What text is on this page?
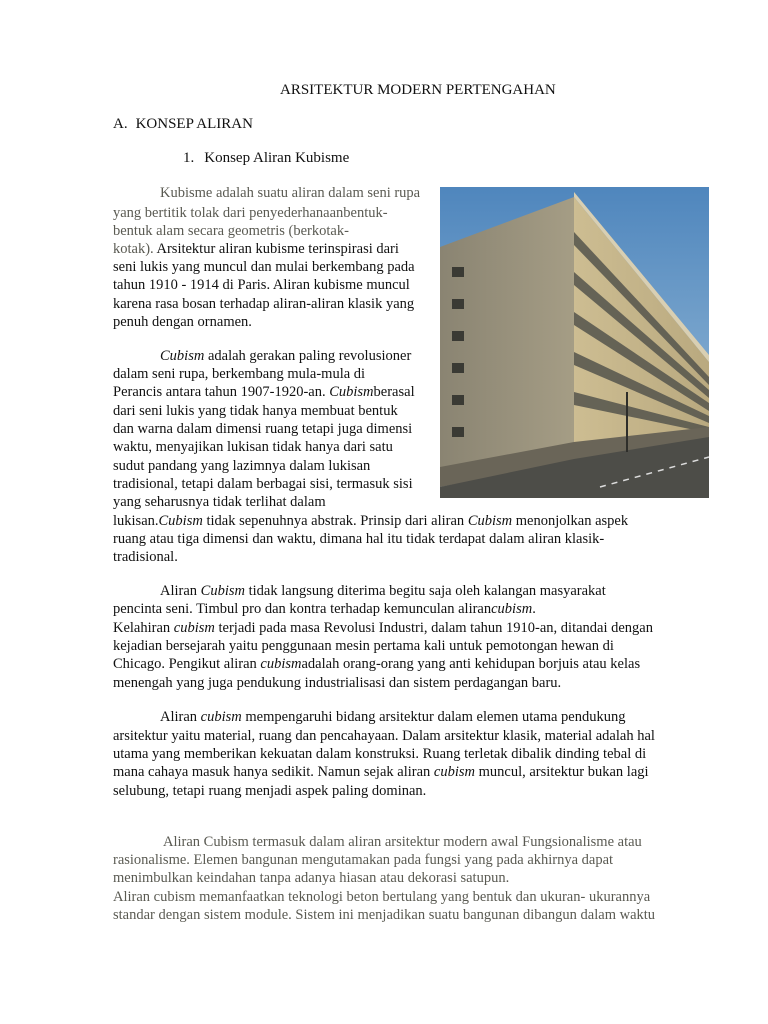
ARSITEKTUR MODERN PERTENGAHAN
A. KONSEP ALIRAN
1. Konsep Aliran Kubisme
Kubisme adalah suatu aliran dalam seni rupa
yang bertitik tolak dari penyederhanaanbentuk-
bentuk alam secara geometris (berkotak-
kotak). Arsitektur aliran kubisme terinspirasi dari
seni lukis yang muncul dan mulai berkembang pada
tahun 1910 - 1914 di Paris. Aliran kubisme muncul
karena rasa bosan terhadap aliran-aliran klasik yang
penuh dengan ornamen.
Cubism adalah gerakan paling revolusioner
dalam seni rupa, berkembang mula-mula di
Perancis antara tahun 1907-1920-an. Cubismberasal
dari seni lukis yang tidak hanya membuat bentuk
dan warna dalam dimensi ruang tetapi juga dimensi
waktu, menyajikan lukisan tidak hanya dari satu
sudut pandang yang lazimnya dalam lukisan
tradisional, tetapi dalam berbagai sisi, termasuk sisi
yang seharusnya tidak terlihat dalam
lukisan.Cubism tidak sepenuhnya abstrak. Prinsip dari aliran Cubism menonjolkan aspek
ruang atau tiga dimensi dan waktu, dimana hal itu tidak terdapat dalam aliran klasik-
tradisional.
Aliran Cubism tidak langsung diterima begitu saja oleh kalangan masyarakat
pencinta seni. Timbul pro dan kontra terhadap kemunculan alirancubism.
Kelahiran cubism terjadi pada masa Revolusi Industri, dalam tahun 1910-an, ditandai dengan
kejadian bersejarah yaitu penggunaan mesin pertama kali untuk pemotongan hewan di
Chicago. Pengikut aliran cubismadalah orang-orang yang anti kehidupan borjuis atau kelas
menengah yang juga pendukung industrialisasi dan sistem perdagangan baru.
Aliran cubism mempengaruhi bidang arsitektur dalam elemen utama pendukung
arsitektur yaitu material, ruang dan pencahayaan. Dalam arsitektur klasik, material adalah hal
utama yang memberikan kekuatan dalam konstruksi. Ruang terletak dibalik dinding tebal di
mana cahaya masuk hanya sedikit. Namun sejak aliran cubism muncul, arsitektur bukan lagi
selubung, tetapi ruang menjadi aspek paling dominan.
Aliran Cubism termasuk dalam aliran arsitektur modern awal Fungsionalisme atau
rasionalisme. Elemen bangunan mengutamakan pada fungsi yang pada akhirnya dapat
menimbulkan keindahan tanpa adanya hiasan atau dekorasi satupun.
Aliran cubism memanfaatkan teknologi beton bertulang yang bentuk dan ukuran- ukurannya
standar dengan sistem module. Sistem ini menjadikan suatu bangunan dibangun dalam waktu
